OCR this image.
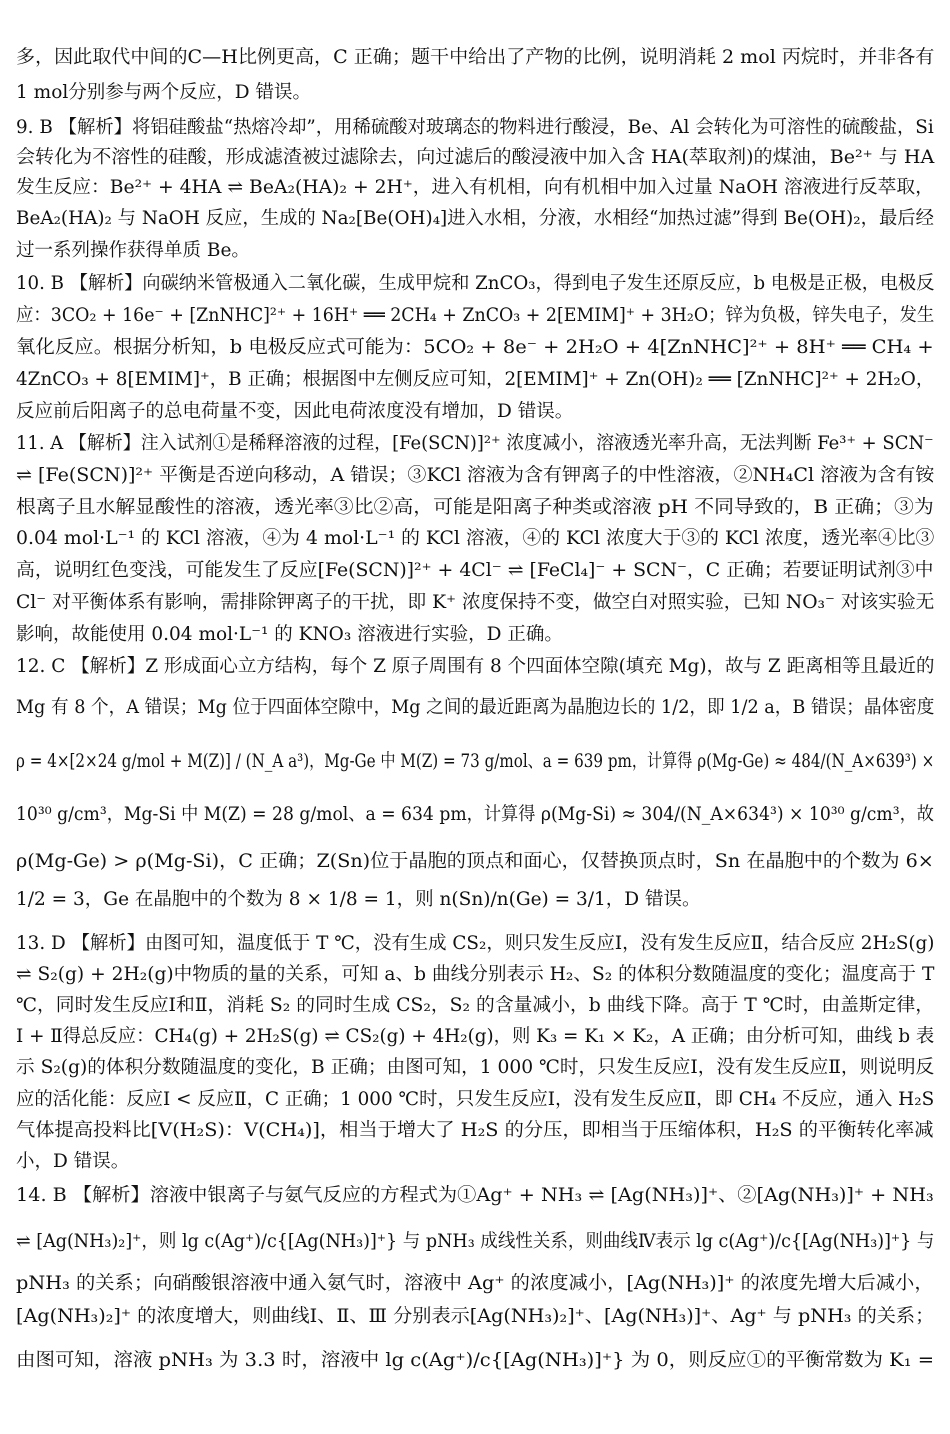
多，因此取代中间的C—H比例更高，C 正确；题干中给出了产物的比例，说明消耗 2 mol 丙烷时，并非各有
1 mol分别参与两个反应，D 错误。
9. B 【解析】将铝硅酸盐“热熔冷却”，用稀硫酸对玻璃态的物料进行酸浸，Be、Al 会转化为可溶性的硫酸盐，Si
会转化为不溶性的硅酸，形成滤渣被过滤除去，向过滤后的酸浸液中加入含 HA(萃取剂)的煤油，Be²⁺ 与 HA
发生反应：Be²⁺ + 4HA ⇌ BeA₂(HA)₂ + 2H⁺，进入有机相，向有机相中加入过量 NaOH 溶液进行反萃取，
BeA₂(HA)₂ 与 NaOH 反应，生成的 Na₂[Be(OH)₄]进入水相，分液，水相经“加热过滤”得到 Be(OH)₂，最后经
过一系列操作获得单质 Be。
10. B 【解析】向碳纳米管极通入二氧化碳，生成甲烷和 ZnCO₃，得到电子发生还原反应，b 电极是正极，电极反
应：3CO₂ + 16e⁻ + [ZnNHC]²⁺ + 16H⁺ ══ 2CH₄ + ZnCO₃ + 2[EMIM]⁺ + 3H₂O；锌为负极，锌失电子，发生
氧化反应。根据分析知，b 电极反应式可能为：5CO₂ + 8e⁻ + 2H₂O + 4[ZnNHC]²⁺ + 8H⁺ ══ CH₄ +
4ZnCO₃ + 8[EMIM]⁺，B 正确；根据图中左侧反应可知，2[EMIM]⁺ + Zn(OH)₂ ══ [ZnNHC]²⁺ + 2H₂O，
反应前后阳离子的总电荷量不变，因此电荷浓度没有增加，D 错误。
11. A 【解析】注入试剂①是稀释溶液的过程，[Fe(SCN)]²⁺ 浓度减小，溶液透光率升高，无法判断 Fe³⁺ + SCN⁻
⇌ [Fe(SCN)]²⁺ 平衡是否逆向移动，A 错误；③KCl 溶液为含有钾离子的中性溶液，②NH₄Cl 溶液为含有铵
根离子且水解显酸性的溶液，透光率③比②高，可能是阳离子种类或溶液 pH 不同导致的，B 正确；③为
0.04 mol·L⁻¹ 的 KCl 溶液，④为 4 mol·L⁻¹ 的 KCl 溶液，④的 KCl 浓度大于③的 KCl 浓度，透光率④比③
高，说明红色变浅，可能发生了反应[Fe(SCN)]²⁺ + 4Cl⁻ ⇌ [FeCl₄]⁻ + SCN⁻，C 正确；若要证明试剂③中
Cl⁻ 对平衡体系有影响，需排除钾离子的干扰，即 K⁺ 浓度保持不变，做空白对照实验，已知 NO₃⁻ 对该实验无
影响，故能使用 0.04 mol·L⁻¹ 的 KNO₃ 溶液进行实验，D 正确。
12. C 【解析】Z 形成面心立方结构，每个 Z 原子周围有 8 个四面体空隙(填充 Mg)，故与 Z 距离相等且最近的
Mg 有 8 个，A 错误；Mg 位于四面体空隙中，Mg 之间的最近距离为晶胞边长的 1/2，即 1/2 a，B 错误；晶体密度
ρ = 4×[2×24 g/mol + M(Z)] / (N_A a³)，Mg-Ge 中 M(Z) = 73 g/mol、a = 639 pm，计算得 ρ(Mg-Ge) ≈ 484/(N_A×639³) ×
10³⁰ g/cm³，Mg-Si 中 M(Z) = 28 g/mol、a = 634 pm，计算得 ρ(Mg-Si) ≈ 304/(N_A×634³) × 10³⁰ g/cm³，故
ρ(Mg-Ge) > ρ(Mg-Si)，C 正确；Z(Sn)位于晶胞的顶点和面心，仅替换顶点时，Sn 在晶胞中的个数为 6×
1/2 = 3，Ge 在晶胞中的个数为 8 × 1/8 = 1，则 n(Sn)/n(Ge) = 3/1，D 错误。
13. D 【解析】由图可知，温度低于 T ℃，没有生成 CS₂，则只发生反应Ⅰ，没有发生反应Ⅱ，结合反应 2H₂S(g)
⇌ S₂(g) + 2H₂(g)中物质的量的关系，可知 a、b 曲线分别表示 H₂、S₂ 的体积分数随温度的变化；温度高于 T
℃，同时发生反应Ⅰ和Ⅱ，消耗 S₂ 的同时生成 CS₂，S₂ 的含量减小，b 曲线下降。高于 T ℃时，由盖斯定律，
Ⅰ + Ⅱ得总反应：CH₄(g) + 2H₂S(g) ⇌ CS₂(g) + 4H₂(g)，则 K₃ = K₁ × K₂，A 正确；由分析可知，曲线 b 表
示 S₂(g)的体积分数随温度的变化，B 正确；由图可知，1 000 ℃时，只发生反应Ⅰ，没有发生反应Ⅱ，则说明反
应的活化能：反应Ⅰ < 反应Ⅱ，C 正确；1 000 ℃时，只发生反应Ⅰ，没有发生反应Ⅱ，即 CH₄ 不反应，通入 H₂S
气体提高投料比[V(H₂S)：V(CH₄)]，相当于增大了 H₂S 的分压，即相当于压缩体积，H₂S 的平衡转化率减
小，D 错误。
14. B 【解析】溶液中银离子与氨气反应的方程式为①Ag⁺ + NH₃ ⇌ [Ag(NH₃)]⁺、②[Ag(NH₃)]⁺ + NH₃
⇌ [Ag(NH₃)₂]⁺，则 lg c(Ag⁺)/c{[Ag(NH₃)]⁺} 与 pNH₃ 成线性关系，则曲线Ⅳ表示 lg c(Ag⁺)/c{[Ag(NH₃)]⁺} 与
pNH₃ 的关系；向硝酸银溶液中通入氨气时，溶液中 Ag⁺ 的浓度减小，[Ag(NH₃)]⁺ 的浓度先增大后减小，
[Ag(NH₃)₂]⁺ 的浓度增大，则曲线Ⅰ、Ⅱ、Ⅲ 分别表示[Ag(NH₃)₂]⁺、[Ag(NH₃)]⁺、Ag⁺ 与 pNH₃ 的关系；
由图可知，溶液 pNH₃ 为 3.3 时，溶液中 lg c(Ag⁺)/c{[Ag(NH₃)]⁺} 为 0，则反应①的平衡常数为 K₁ =
